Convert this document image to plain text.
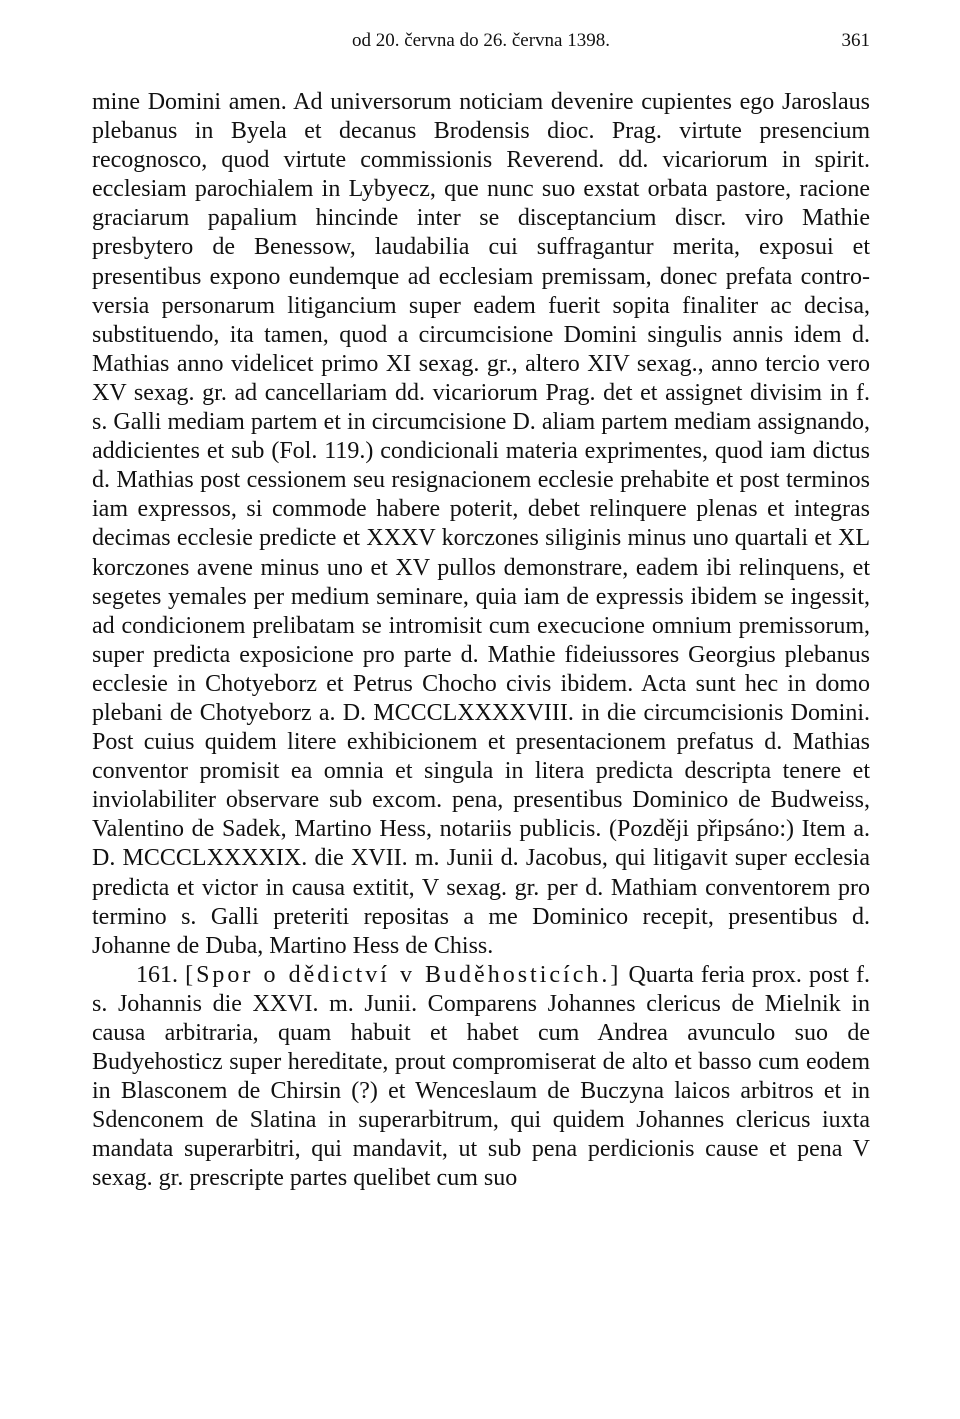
od 20. června do 26. června 1398.	361

mine Domini amen. Ad universorum noticiam devenire cupientes ego Jaroslaus plebanus in Byela et decanus Brodensis dioc. Prag. virtute presencium recognosco, quod virtute commissionis Reverend. dd. vicariorum in spirit. ecclesiam parochialem in Lybyecz, que nunc suo exstat orbata pastore, racione graciarum papalium hincinde inter se disceptancium discr. viro Mathie presbytero de Benessow, laudabilia cui suffragantur merita, exposui et presentibus expono eundemque ad ecclesiam premissam, donec prefata controversia personarum litigancium super eadem fuerit sopita finaliter ac decisa, substituendo, ita tamen, quod a circumcisione Domini singulis annis idem d. Mathias anno videlicet primo XI sexag. gr., altero XIV sexag., anno tercio vero XV sexag. gr. ad cancellariam dd. vicariorum Prag. det et assignet divisim in f. s. Galli mediam partem et in circumcisione D. aliam partem mediam assignando, addicientes et sub (Fol. 119.) condicionali materia exprimentes, quod iam dictus d. Mathias post cessionem seu resignacionem ecclesie prehabite et post terminos iam expressos, si commode habere poterit, debet relinquere plenas et integras decimas ecclesie predicte et XXXV korczones siliginis minus uno quartali et XL korczones avene minus uno et XV pullos demonstrare, eadem ibi relinquens, et segetes yemales per medium seminare, quia iam de expressis ibidem se ingessit, ad condicionem prelibatam se intromisit cum execucione omnium premissorum, super predicta exposicione pro parte d. Mathie fideiussores Georgius plebanus ecclesie in Chotyeborz et Petrus Chocho civis ibidem. Acta sunt hec in domo plebani de Chotyeborz a. D. MCCCLXXXXVIII. in die circumcisionis Domini. Post cuius quidem litere exhibicionem et presentacionem prefatus d. Mathias conventor promisit ea omnia et singula in litera predicta descripta tenere et inviolabiliter observare sub excom. pena, presentibus Dominico de Budweiss, Valentino de Sadek, Martino Hess, notariis publicis. (Později připsáno:) Item a. D. MCCCLXXXXIX. die XVII. m. Junii d. Jacobus, qui litigavit super ecclesia predicta et victor in causa extitit, V sexag. gr. per d. Mathiam conventorem pro termino s. Galli preteriti repositas a me Dominico recepit, presentibus d. Johanne de Duba, Martino Hess de Chiss.

161. [Spor o dědictví v Buděhosticích.] Quarta feria prox. post f. s. Johannis die XXVI. m. Junii. Comparens Johannes clericus de Mielnik in causa arbitraria, quam habuit et habet cum Andrea avunculo suo de Budyehosticz super hereditate, prout compromiserat de alto et basso cum eodem in Blasconem de Chirsin (?) et Wenceslaum de Buczyna laicos arbitros et in Sdenconem de Slatina in superarbitrum, qui quidem Johannes clericus iuxta mandata superarbitri, qui mandavit, ut sub pena perdicionis cause et pena V sexag. gr. prescripte partes quelibet cum suo
